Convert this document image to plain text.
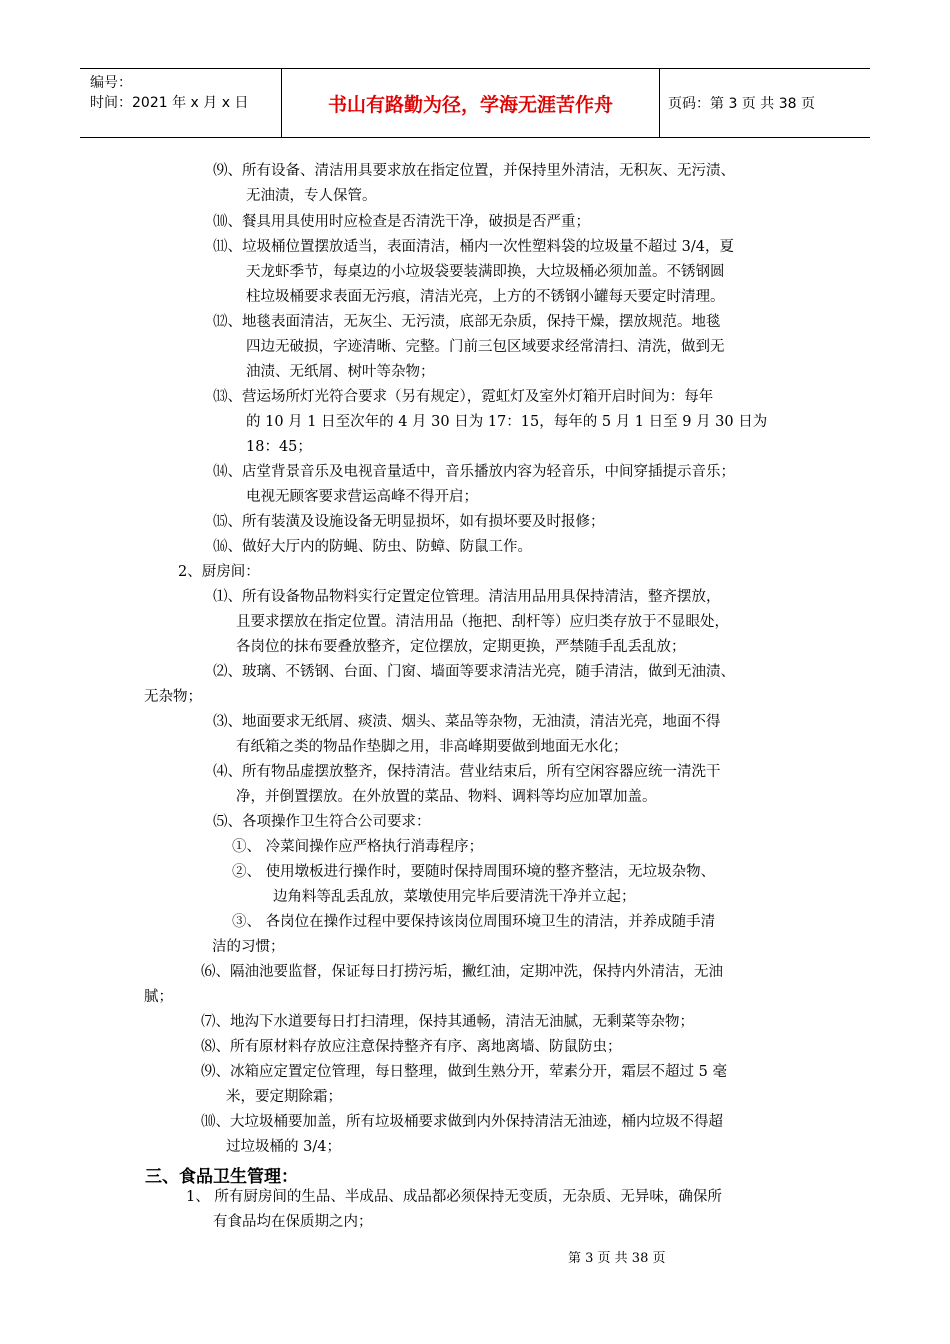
编号：
时间：2021 年 x 月 x 日	书山有路勤为径，学海无涯苦作舟	页码：第 3 页 共 38 页
⑼、所有设备、清洁用具要求放在指定位置，并保持里外清洁，无积灰、无污渍、
无油渍，专人保管。
⑽、餐具用具使用时应检查是否清洗干净，破损是否严重；
⑾、垃圾桶位置摆放适当，表面清洁，桶内一次性塑料袋的垃圾量不超过 3/4，夏
天龙虾季节，每桌边的小垃圾袋要装满即换，大垃圾桶必须加盖。不锈钢圆
柱垃圾桶要求表面无污痕，清洁光亮，上方的不锈钢小罐每天要定时清理。
⑿、地毯表面清洁，无灰尘、无污渍，底部无杂质，保持干燥，摆放规范。地毯
四边无破损，字迹清晰、完整。门前三包区域要求经常清扫、清洗，做到无
油渍、无纸屑、树叶等杂物；
⒀、营运场所灯光符合要求（另有规定），霓虹灯及室外灯箱开启时间为：每年
的 10 月 1 日至次年的 4 月 30 日为 17：15，每年的 5 月 1 日至 9 月 30 日为
18：45；
⒁、店堂背景音乐及电视音量适中，音乐播放内容为轻音乐，中间穿插提示音乐；
电视无顾客要求营运高峰不得开启；
⒂、所有装潢及设施设备无明显损坏，如有损坏要及时报修；
⒃、做好大厅内的防蝇、防虫、防蟑、防鼠工作。
2、厨房间：
⑴、所有设备物品物料实行定置定位管理。清洁用品用具保持清洁，整齐摆放，
且要求摆放在指定位置。清洁用品（拖把、刮杆等）应归类存放于不显眼处，
各岗位的抹布要叠放整齐，定位摆放，定期更换，严禁随手乱丢乱放；
⑵、玻璃、不锈钢、台面、门窗、墙面等要求清洁光亮，随手清洁，做到无油渍、
无杂物；
⑶、地面要求无纸屑、痰渍、烟头、菜品等杂物，无油渍，清洁光亮，地面不得
有纸箱之类的物品作垫脚之用，非高峰期要做到地面无水化；
⑷、所有物品虚摆放整齐，保持清洁。营业结束后，所有空闲容器应统一清洗干
净，并倒置摆放。在外放置的菜品、物料、调料等均应加罩加盖。
⑸、各项操作卫生符合公司要求：
①、 冷菜间操作应严格执行消毒程序；
②、 使用墩板进行操作时，要随时保持周围环境的整齐整洁，无垃圾杂物、
边角料等乱丢乱放，菜墩使用完毕后要清洗干净并立起；
③、 各岗位在操作过程中要保持该岗位周围环境卫生的清洁，并养成随手清
洁的习惯；
⑹、隔油池要监督，保证每日打捞污垢，撇红油，定期冲洗，保持内外清洁，无油
腻；
⑺、地沟下水道要每日打扫清理，保持其通畅，清洁无油腻，无剩菜等杂物；
⑻、所有原材料存放应注意保持整齐有序、离地离墙、防鼠防虫；
⑼、冰箱应定置定位管理，每日整理，做到生熟分开，荤素分开，霜层不超过 5 毫
米，要定期除霜；
⑽、大垃圾桶要加盖，所有垃圾桶要求做到内外保持清洁无油迹，桶内垃圾不得超
过垃圾桶的 3/4；
三、食品卫生管理：
1、 所有厨房间的生品、半成品、成品都必须保持无变质，无杂质、无异味，确保所
有食品均在保质期之内；
第 3 页 共 38 页
